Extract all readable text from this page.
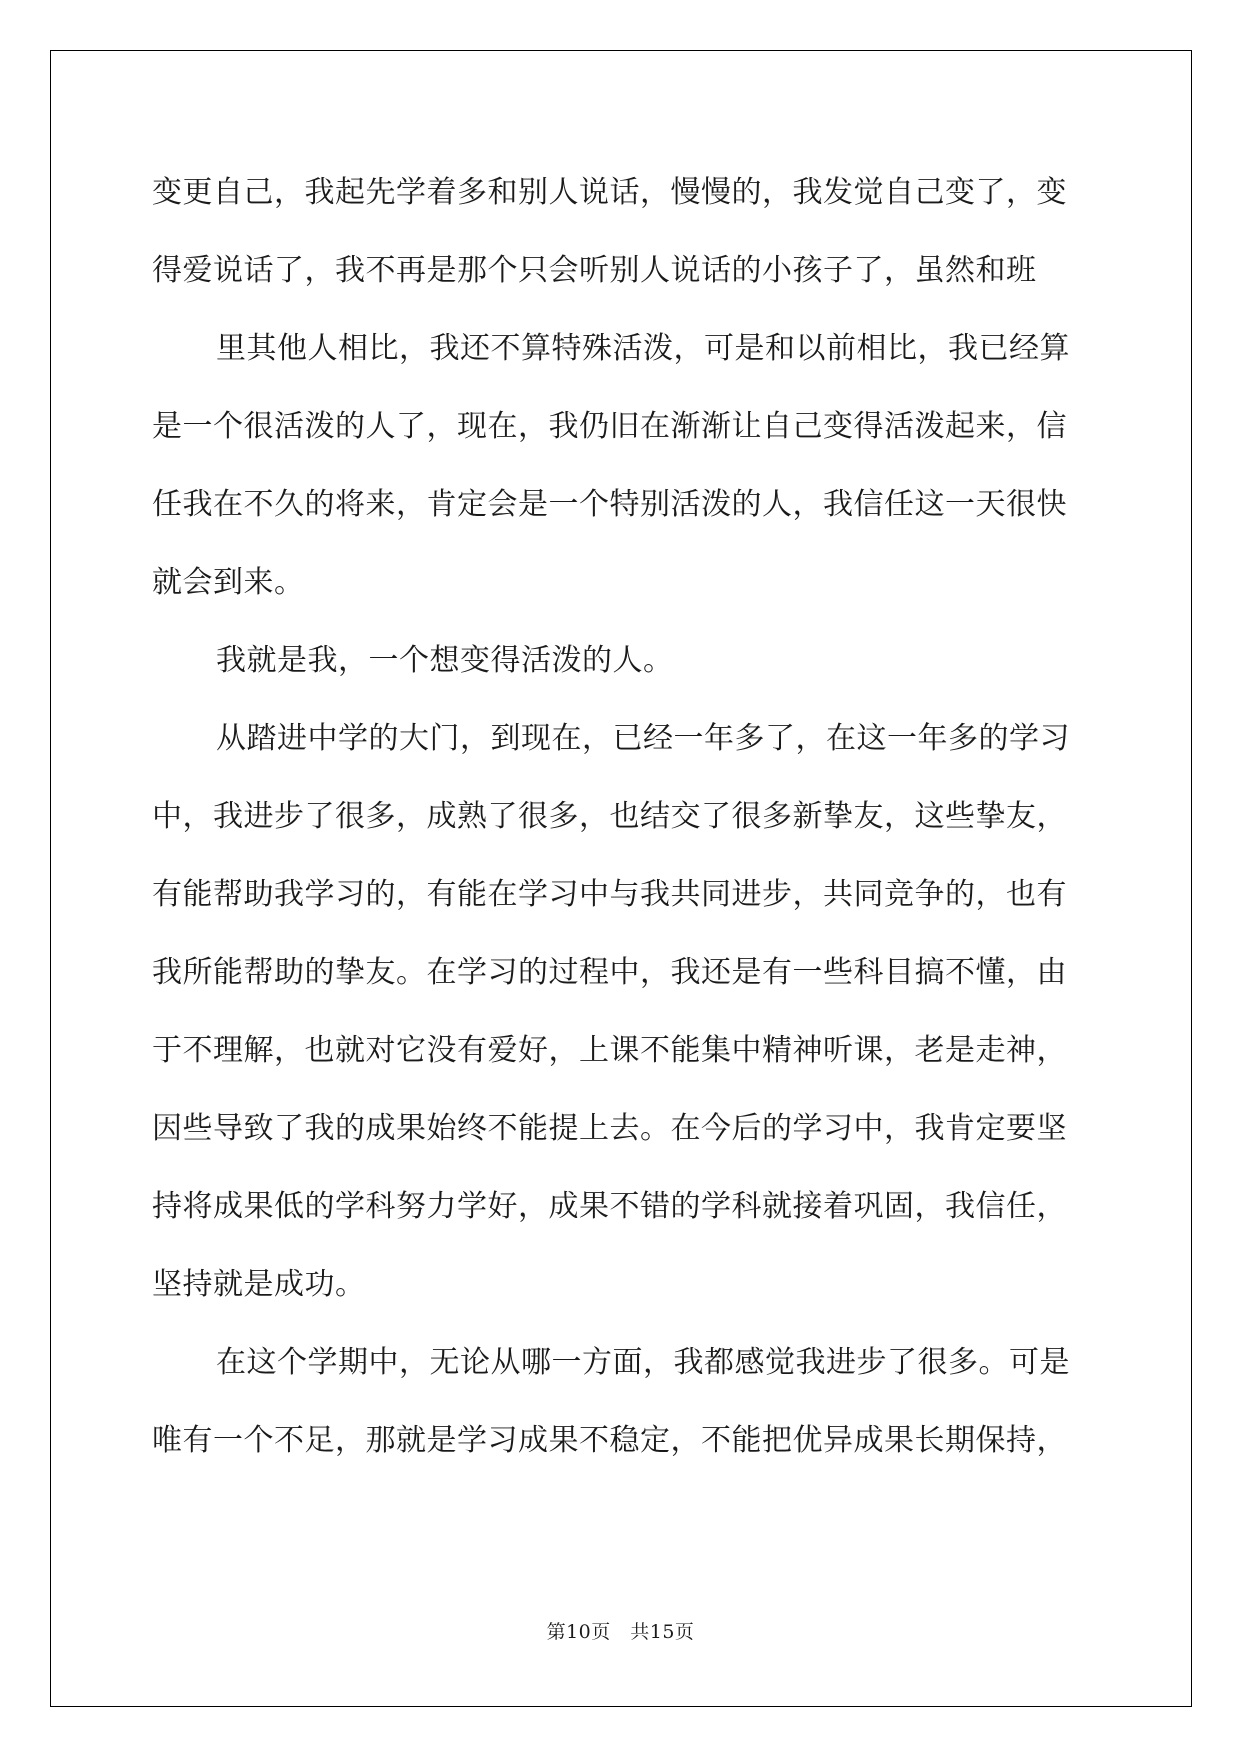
变更自己，我起先学着多和别人说话，慢慢的，我发觉自己变了，变
得爱说话了，我不再是那个只会听别人说话的小孩子了，虽然和班
里其他人相比，我还不算特殊活泼，可是和以前相比，我已经算
是一个很活泼的人了，现在，我仍旧在渐渐让自己变得活泼起来，信
任我在不久的将来，肯定会是一个特别活泼的人，我信任这一天很快
就会到来。
我就是我，一个想变得活泼的人。
从踏进中学的大门，到现在，已经一年多了，在这一年多的学习
中，我进步了很多，成熟了很多，也结交了很多新挚友，这些挚友，
有能帮助我学习的，有能在学习中与我共同进步，共同竞争的，也有
我所能帮助的挚友。在学习的过程中，我还是有一些科目搞不懂，由
于不理解，也就对它没有爱好，上课不能集中精神听课，老是走神，
因些导致了我的成果始终不能提上去。在今后的学习中，我肯定要坚
持将成果低的学科努力学好，成果不错的学科就接着巩固，我信任，
坚持就是成功。
在这个学期中，无论从哪一方面，我都感觉我进步了很多。可是
唯有一个不足，那就是学习成果不稳定，不能把优异成果长期保持，
第10页　共15页
